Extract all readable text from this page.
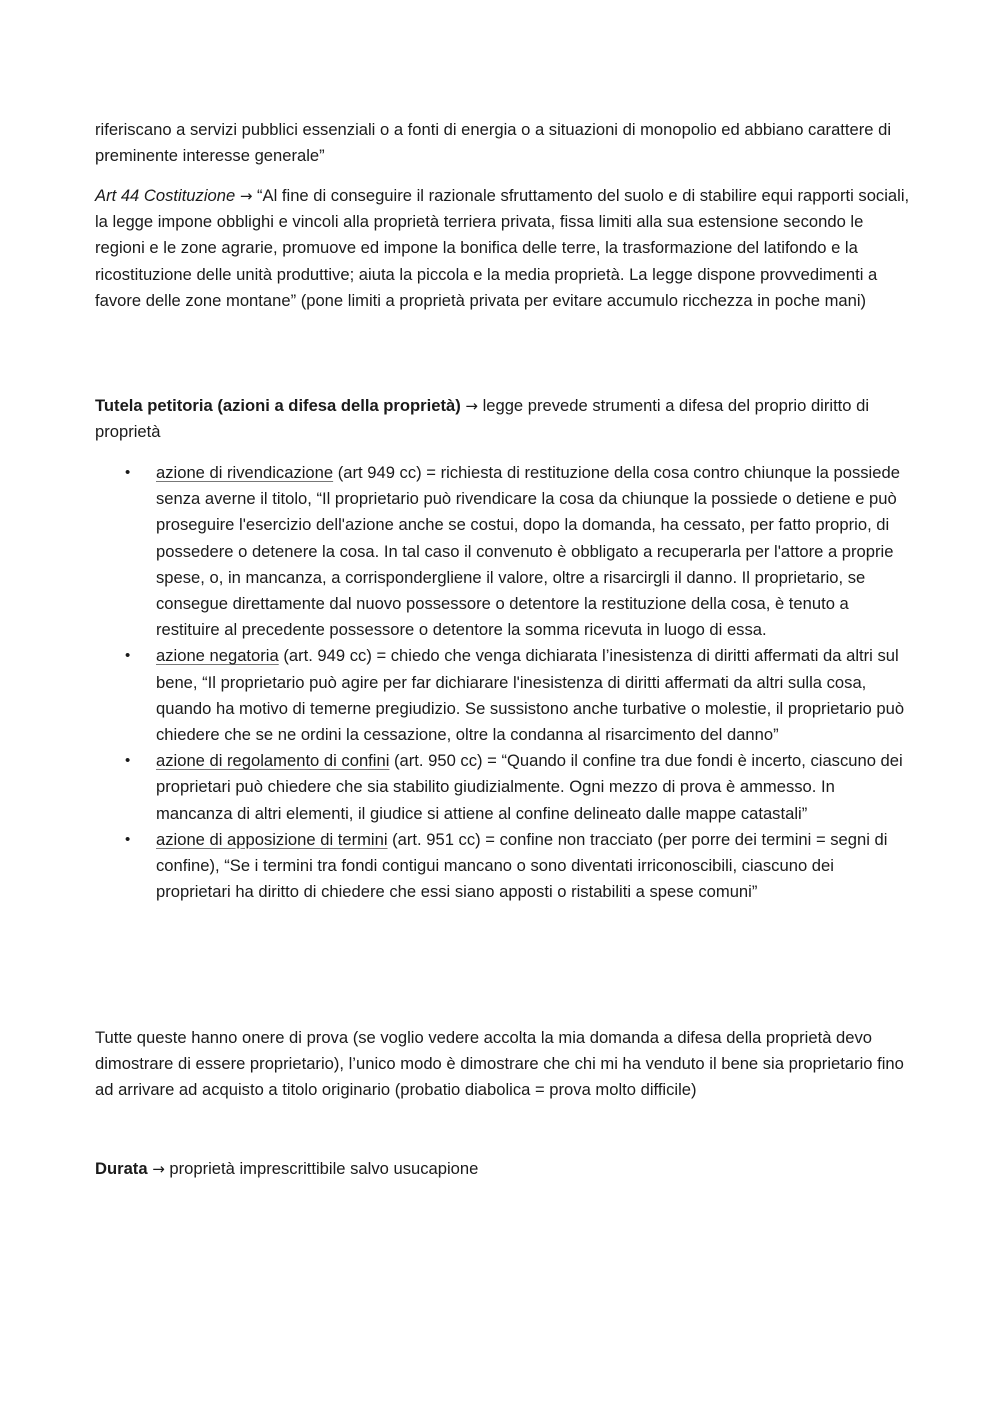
riferiscano a servizi pubblici essenziali o a fonti di energia o a situazioni di monopolio ed abbiano carattere di preminente interesse generale”

Art 44 Costituzione → “Al fine di conseguire il razionale sfruttamento del suolo e di stabilire equi rapporti sociali, la legge impone obblighi e vincoli alla proprietà terriera privata, fissa limiti alla sua estensione secondo le regioni e le zone agrarie, promuove ed impone la bonifica delle terre, la trasformazione del latifondo e la ricostituzione delle unità produttive; aiuta la piccola e la media proprietà. La legge dispone provvedimenti a favore delle zone montane” (pone limiti a proprietà privata per evitare accumulo ricchezza in poche mani)

Tutela petitoria (azioni a difesa della proprietà) → legge prevede strumenti a difesa del proprio diritto di proprietà

• azione di rivendicazione (art 949 cc) = richiesta di restituzione della cosa contro chiunque la possiede senza averne il titolo, “Il proprietario può rivendicare la cosa da chiunque la possiede o detiene e può proseguire l'esercizio dell'azione anche se costui, dopo la domanda, ha cessato, per fatto proprio, di possedere o detenere la cosa. In tal caso il convenuto è obbligato a recuperarla per l'attore a proprie spese, o, in mancanza, a corrispondergliene il valore, oltre a risarcirgli il danno. Il proprietario, se consegue direttamente dal nuovo possessore o detentore la restituzione della cosa, è tenuto a restituire al precedente possessore o detentore la somma ricevuta in luogo di essa.
• azione negatoria (art. 949 cc) = chiedo che venga dichiarata l’inesistenza di diritti affermati da altri sul bene, “Il proprietario può agire per far dichiarare l'inesistenza di diritti affermati da altri sulla cosa, quando ha motivo di temerne pregiudizio. Se sussistono anche turbative o molestie, il proprietario può chiedere che se ne ordini la cessazione, oltre la condanna al risarcimento del danno”
• azione di regolamento di confini (art. 950 cc) = “Quando il confine tra due fondi è incerto, ciascuno dei proprietari può chiedere che sia stabilito giudizialmente. Ogni mezzo di prova è ammesso. In mancanza di altri elementi, il giudice si attiene al confine delineato dalle mappe catastali”
• azione di apposizione di termini (art. 951 cc) = confine non tracciato (per porre dei termini = segni di confine), “Se i termini tra fondi contigui mancano o sono diventati irriconoscibili, ciascuno dei proprietari ha diritto di chiedere che essi siano apposti o ristabiliti a spese comuni”

Tutte queste hanno onere di prova (se voglio vedere accolta la mia domanda a difesa della proprietà devo dimostrare di essere proprietario), l’unico modo è dimostrare che chi mi ha venduto il bene sia proprietario fino ad arrivare ad acquisto a titolo originario (probatio diabolica = prova molto difficile)

Durata → proprietà imprescrittibile salvo usucapione
